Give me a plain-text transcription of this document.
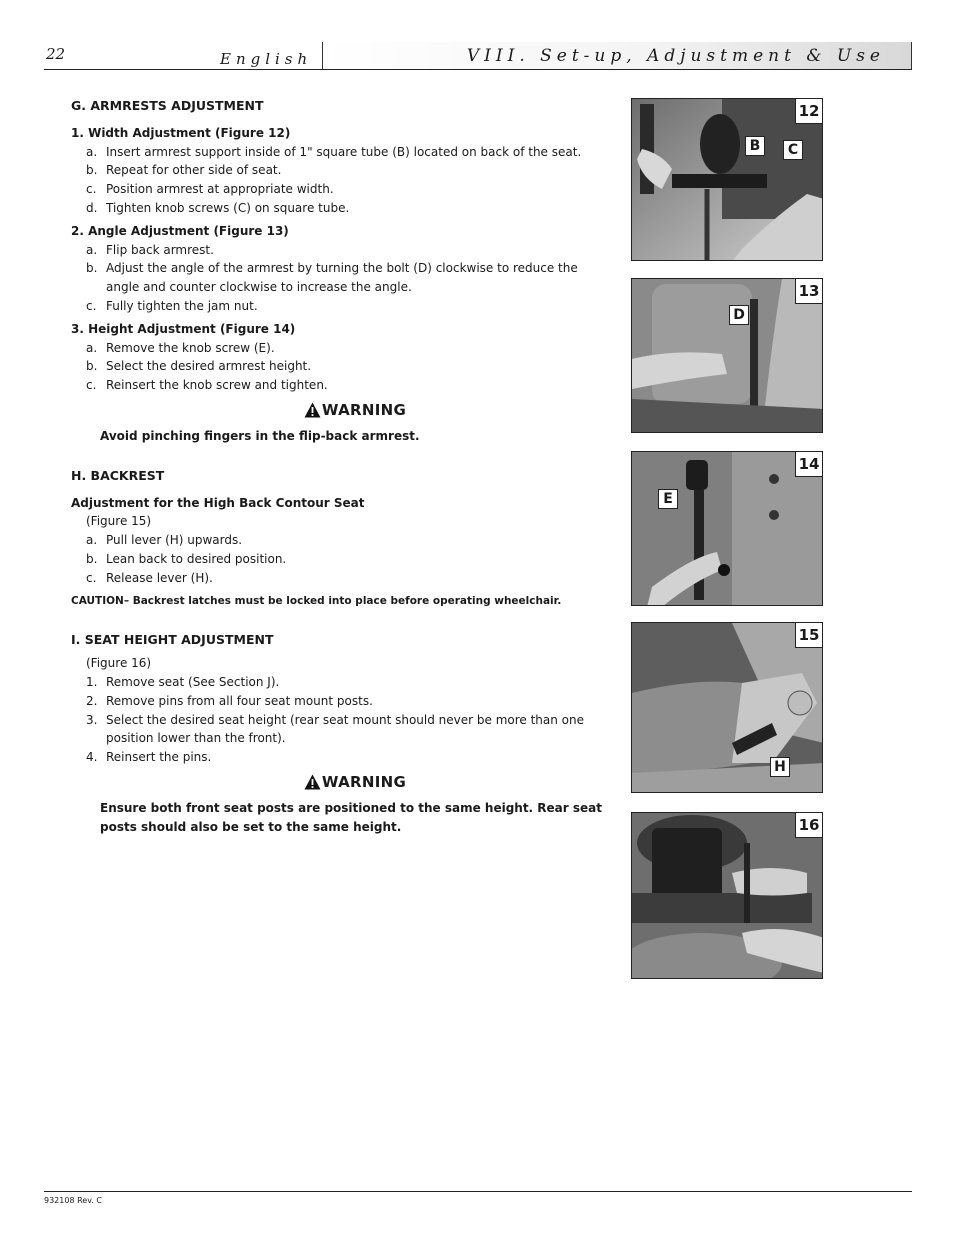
22	English	VIII. Set-up, Adjustment & Use

G. ARMRESTS ADJUSTMENT

1. Width Adjustment (Figure 12)

a. Insert armrest support inside of 1" square tube (B) located on back of the seat.
b. Repeat for other side of seat.
c. Position armrest at appropriate width.
d. Tighten knob screws (C) on square tube.

2. Angle Adjustment (Figure 13)

a. Flip back armrest.
b. Adjust the angle of the armrest by turning the bolt (D) clockwise to reduce the angle and counter clockwise to increase the angle.
c. Fully tighten the jam nut.

3. Height Adjustment (Figure 14)

a. Remove the knob screw (E).
b. Select the desired armrest height.
c. Reinsert the knob screw and tighten.
WARNING

Avoid pinching fingers in the flip-back armrest.

H. BACKREST

Adjustment for the High Back Contour Seat

(Figure 15)

a. Pull lever (H) upwards.
b. Lean back to desired position.
c. Release lever (H).

CAUTION– Backrest latches must be locked into place before operating wheelchair.

I. SEAT HEIGHT ADJUSTMENT

(Figure 16)

1. Remove seat (See Section J).
2. Remove pins from all four seat mount posts.
3. Select the desired seat height (rear seat mount should never be more than one position lower than the front).
4. Reinsert the pins.
WARNING

Ensure both front seat posts are positioned to the same height. Rear seat posts should also be set to the same height.

12
B	C
13
D
14
E
15
H
16
932108 Rev. C
